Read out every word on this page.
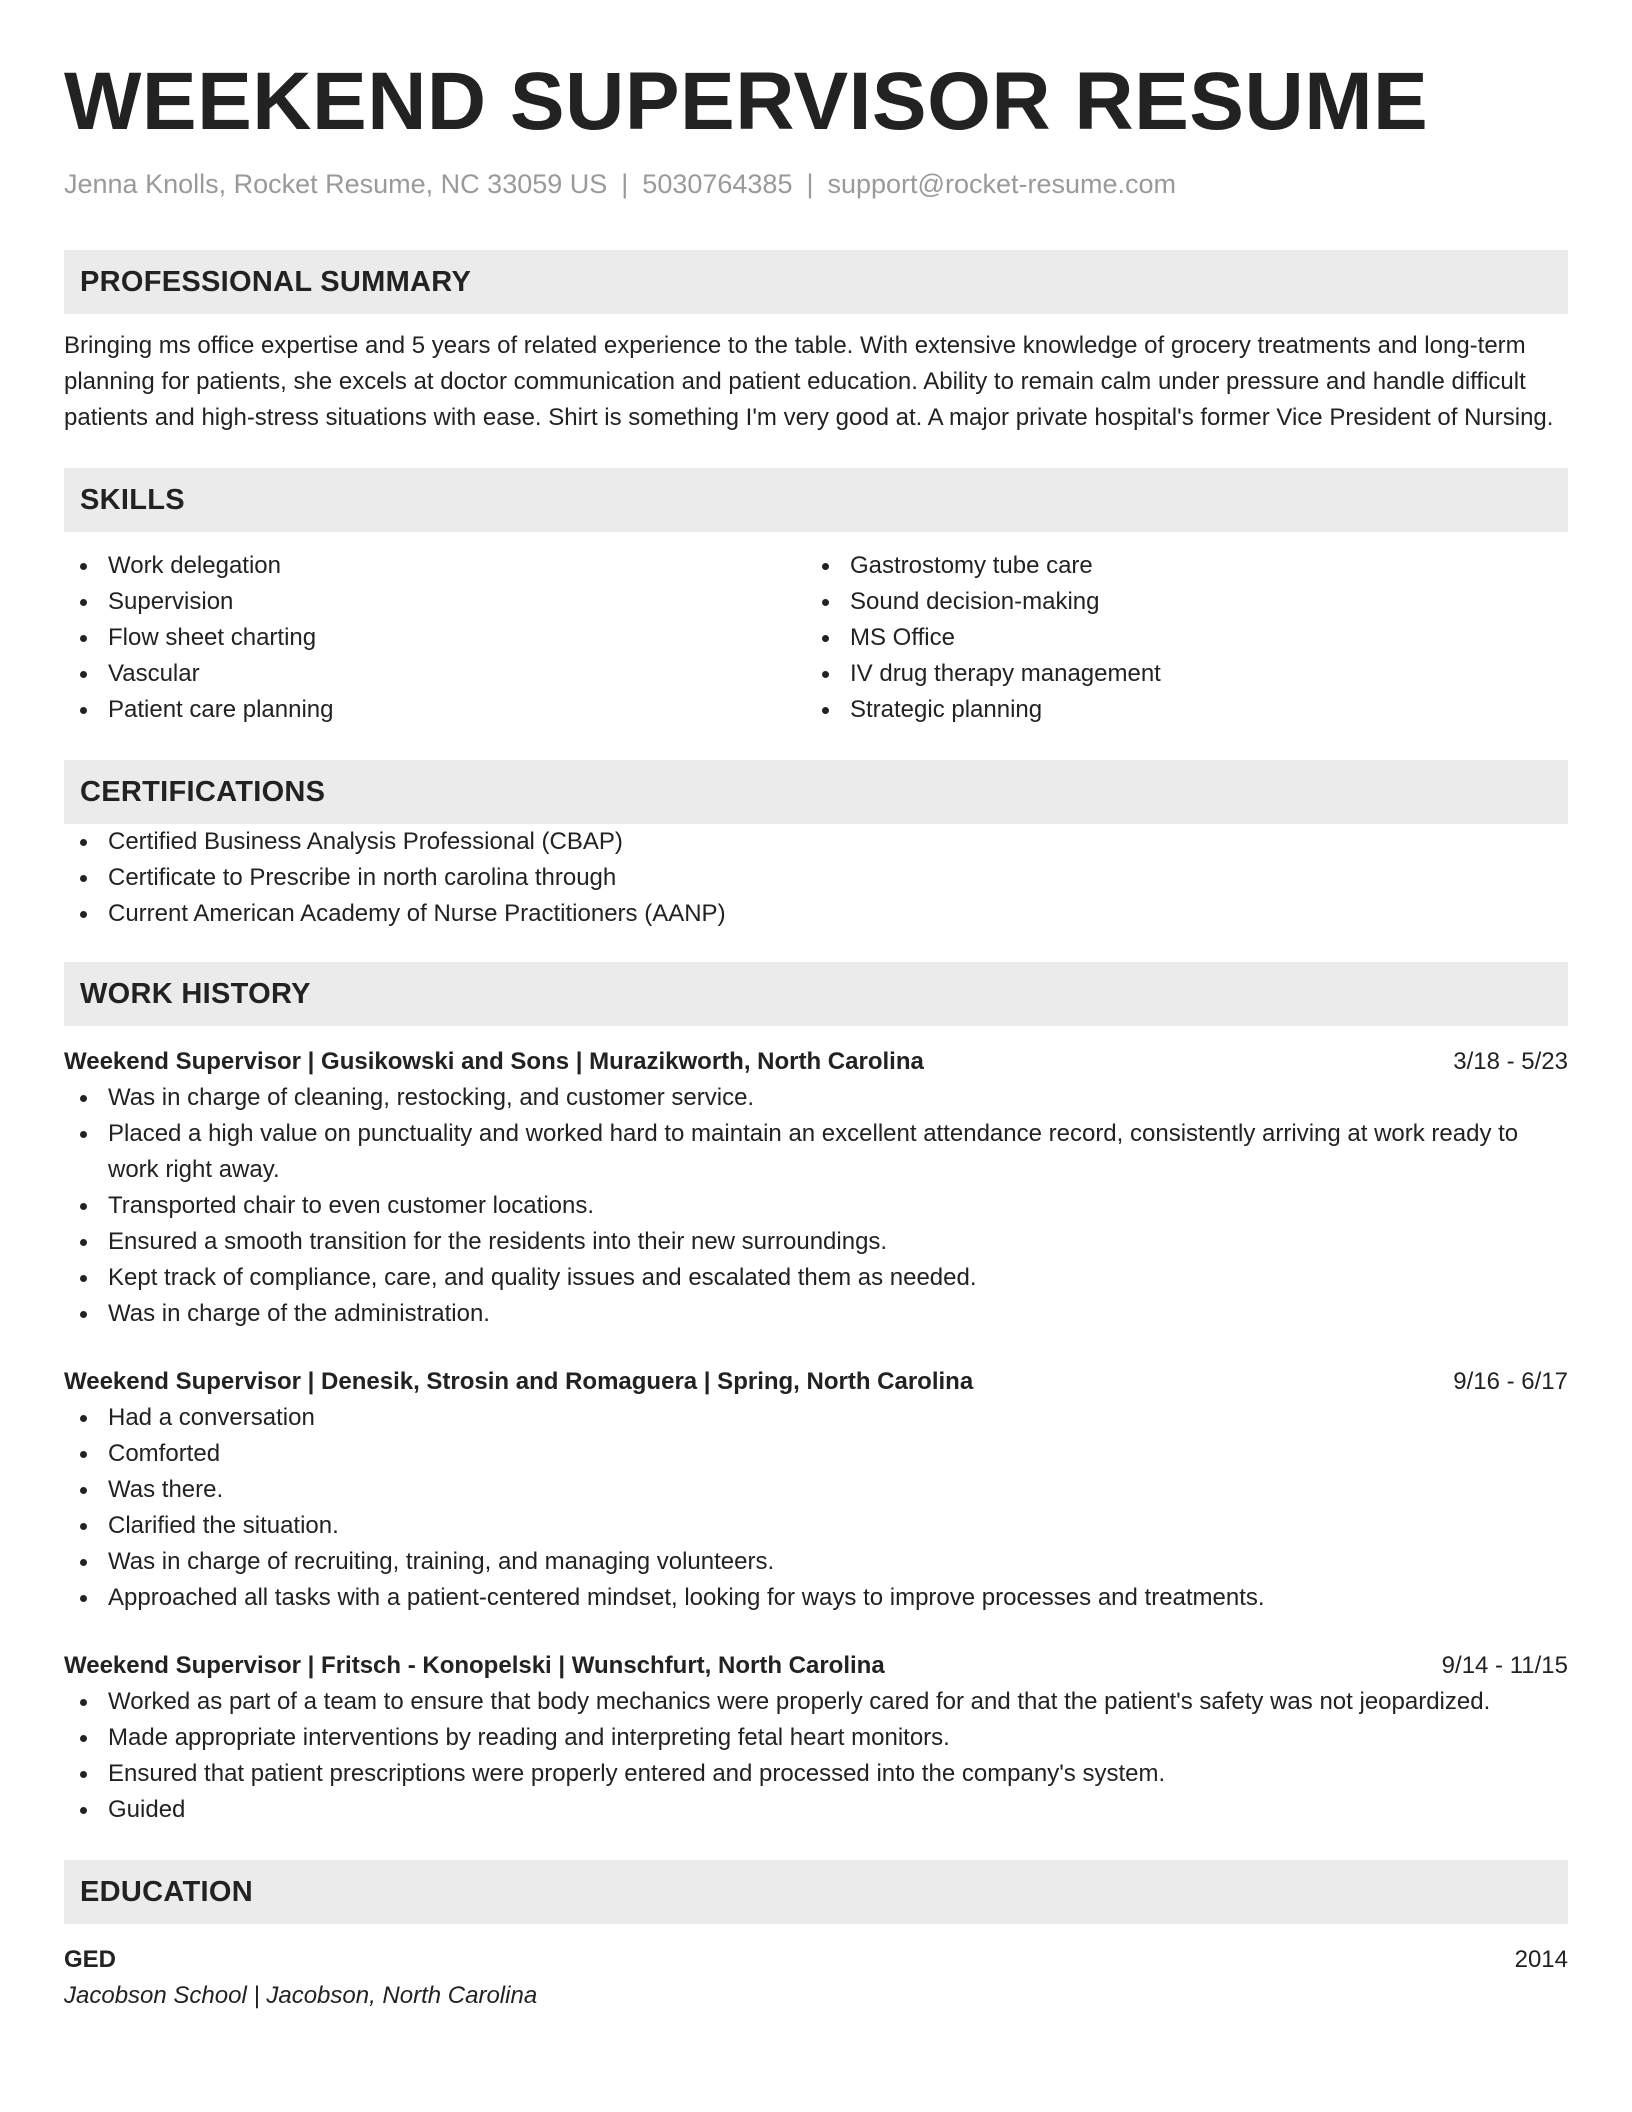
WEEKEND SUPERVISOR RESUME
Jenna Knolls, Rocket Resume, NC 33059 US | 5030764385 | support@rocket-resume.com
PROFESSIONAL SUMMARY
Bringing ms office expertise and 5 years of related experience to the table. With extensive knowledge of grocery treatments and long-term planning for patients, she excels at doctor communication and patient education. Ability to remain calm under pressure and handle difficult patients and high-stress situations with ease. Shirt is something I'm very good at. A major private hospital's former Vice President of Nursing.
SKILLS
Work delegation
Supervision
Flow sheet charting
Vascular
Patient care planning
Gastrostomy tube care
Sound decision-making
MS Office
IV drug therapy management
Strategic planning
CERTIFICATIONS
Certified Business Analysis Professional (CBAP)
Certificate to Prescribe in north carolina through
Current American Academy of Nurse Practitioners (AANP)
WORK HISTORY
Weekend Supervisor | Gusikowski and Sons | Murazikworth, North Carolina	3/18 - 5/23
Was in charge of cleaning, restocking, and customer service.
Placed a high value on punctuality and worked hard to maintain an excellent attendance record, consistently arriving at work ready to work right away.
Transported chair to even customer locations.
Ensured a smooth transition for the residents into their new surroundings.
Kept track of compliance, care, and quality issues and escalated them as needed.
Was in charge of the administration.
Weekend Supervisor | Denesik, Strosin and Romaguera | Spring, North Carolina	9/16 - 6/17
Had a conversation
Comforted
Was there.
Clarified the situation.
Was in charge of recruiting, training, and managing volunteers.
Approached all tasks with a patient-centered mindset, looking for ways to improve processes and treatments.
Weekend Supervisor | Fritsch - Konopelski | Wunschfurt, North Carolina	9/14 - 11/15
Worked as part of a team to ensure that body mechanics were properly cared for and that the patient's safety was not jeopardized.
Made appropriate interventions by reading and interpreting fetal heart monitors.
Ensured that patient prescriptions were properly entered and processed into the company's system.
Guided
EDUCATION
GED	2014
Jacobson School | Jacobson, North Carolina
